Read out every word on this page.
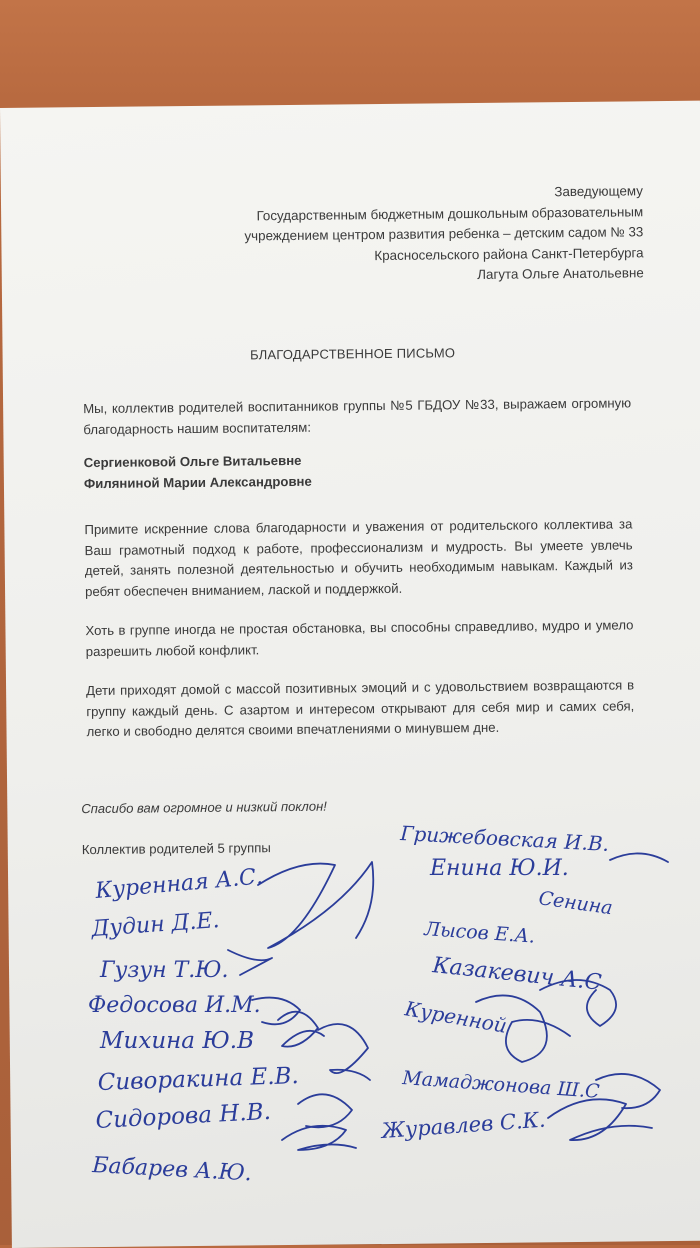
Заведующему
Государственным бюджетным дошкольным образовательным
учреждением центром развития ребенка – детским садом № 33
Красносельского района Санкт-Петербурга
Лагута Ольге Анатольевне
БЛАГОДАРСТВЕННОЕ ПИСЬМО
Мы, коллектив родителей воспитанников группы №5 ГБДОУ №33, выражаем огромную благодарность нашим воспитателям:
Сергиенковой Ольге Витальевне
Филяниной Марии Александровне
Примите искренние слова благодарности и уважения от родительского коллектива за Ваш грамотный подход к работе, профессионализм и мудрость. Вы умеете увлечь детей, занять полезной деятельностью и обучить необходимым навыкам. Каждый из ребят обеспечен вниманием, лаской и поддержкой.
Хоть в группе иногда не простая обстановка, вы способны справедливо, мудро и умело разрешить любой конфликт.
Дети приходят домой с массой позитивных эмоций и с удовольствием возвращаются в группу каждый день. С азартом и интересом открывают для себя мир и самих себя, легко и свободно делятся своими впечатлениями о минувшем дне.
Спасибо вам огромное и низкий поклон!
Коллектив родителей 5 группы
Куренная А.С.
Дудин Д.Е.
Гузун Т.Ю.
Федосова И.М.
Михина Ю.В
Сиворакина Е.В.
Сидорова Н.В.
Бабарев А.Ю.
Грижебовская И.В.
Енина Ю.И.
Сенина
Лысов Е.А.
Казакевич А.С
Куренной
Мамаджонова Ш.С
Журавлев С.К.
